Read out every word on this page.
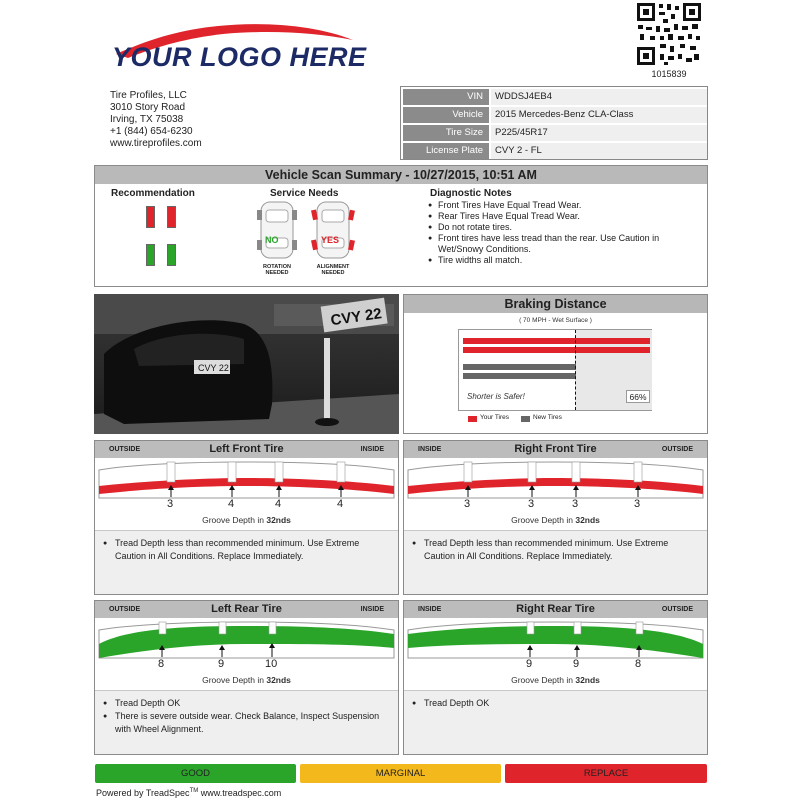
YOUR LOGO HERE
1015839
Tire Profiles, LLC
3010 Story Road
Irving, TX 75038
+1 (844) 654-6230
www.tireprofiles.com
VIN	WDDSJ4EB4
Vehicle	2015 Mercedes-Benz CLA-Class
Tire Size	P225/45R17
License Plate	CVY 2 - FL
Vehicle Scan Summary - 10/27/2015, 10:51 AM
Recommendation	Service Needs
NO
ROTATION
NEEDED
YES
ALIGNMENT
NEEDED
Diagnostic Notes
● Front Tires Have Equal Tread Wear.
● Rear Tires Have Equal Tread Wear.
● Do not rotate tires.
● Front tires have less tread than the rear. Use Caution in Wet/Snowy Conditions.
● Tire widths all match.
CVY 22
CVY 22
Braking Distance
( 70 MPH - Wet Surface )
Shorter is Safer!	66%
Your Tires	New Tires
OUTSIDE	Left Front Tire	INSIDE
3	4	4	4
Groove Depth in 32nds
● Tread Depth less than recommended minimum. Use Extreme Caution in All Conditions. Replace Immediately.
INSIDE	Right Front Tire	OUTSIDE
3	3	3	3
Groove Depth in 32nds
● Tread Depth less than recommended minimum. Use Extreme Caution in All Conditions. Replace Immediately.
OUTSIDE	Left Rear Tire	INSIDE
8	9	10
Groove Depth in 32nds
● Tread Depth OK
● There is severe outside wear. Check Balance, Inspect Suspension with Wheel Alignment.
INSIDE	Right Rear Tire	OUTSIDE
9	9	8
Groove Depth in 32nds
● Tread Depth OK
GOOD	MARGINAL	REPLACE
Powered by TreadSpec™ www.treadspec.com
